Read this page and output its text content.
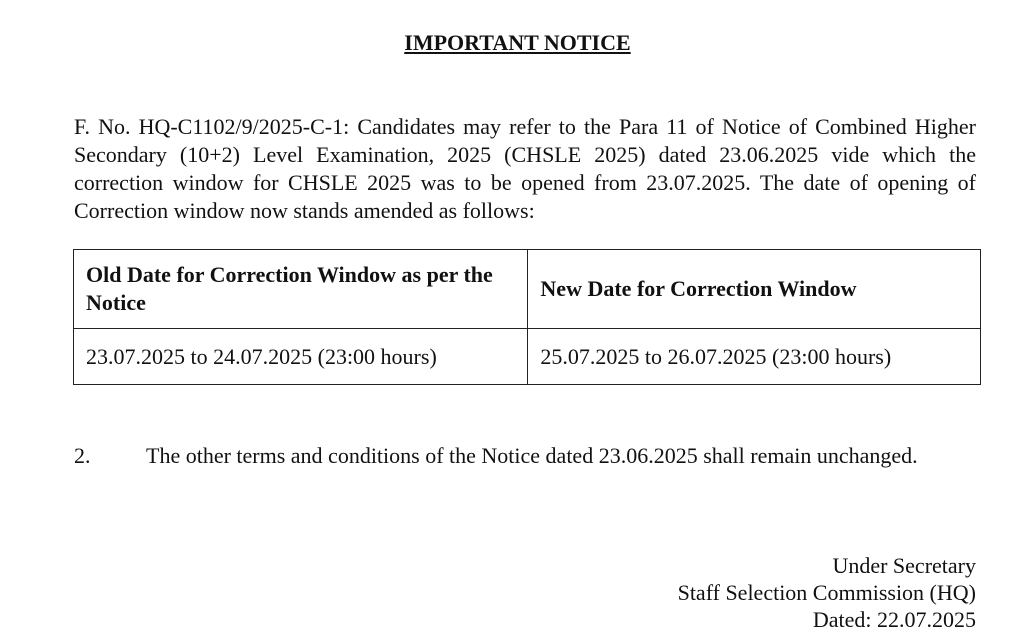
IMPORTANT NOTICE

F. No. HQ-C1102/9/2025-C-1: Candidates may refer to the Para 11 of Notice of Combined Higher Secondary (10+2) Level Examination, 2025 (CHSLE 2025) dated 23.06.2025 vide which the correction window for CHSLE 2025 was to be opened from 23.07.2025. The date of opening of Correction window now stands amended as follows:

Old Date for Correction Window as per the Notice	New Date for Correction Window
23.07.2025 to 24.07.2025 (23:00 hours)	25.07.2025 to 26.07.2025 (23:00 hours)

2.	The other terms and conditions of the Notice dated 23.06.2025 shall remain unchanged.

Under Secretary
Staff Selection Commission (HQ)
Dated: 22.07.2025
